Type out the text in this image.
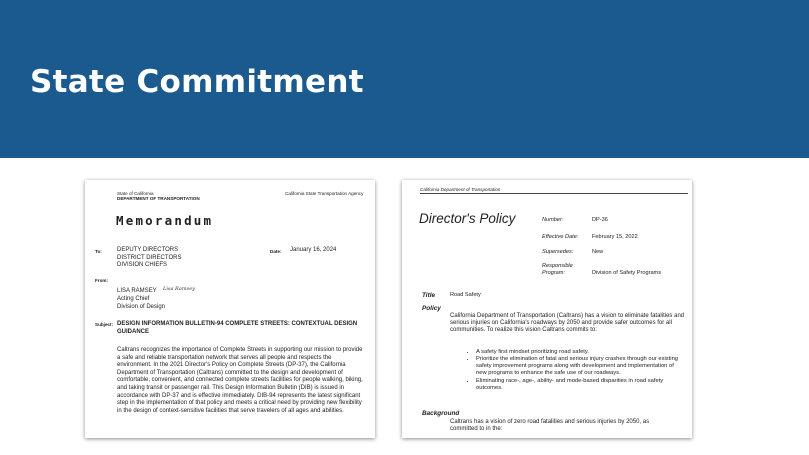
State Commitment
State of California
DEPARTMENT OF TRANSPORTATION
California State Transportation Agency
Memorandum
To:	DEPUTY DIRECTORS
DISTRICT DIRECTORS
DIVISION CHIEFS
Date: January 16, 2024
From:
LISA RAMSEY Lisa Ramsey
Acting Chief
Division of Design
Subject: DESIGN INFORMATION BULLETIN-94 COMPLETE STREETS: CONTEXTUAL DESIGN GUIDANCE
Caltrans recognizes the importance of Complete Streets in supporting our mission to provide a safe and reliable transportation network that serves all people and respects the environment. In the 2021 Director's Policy on Complete Streets (DP-37), the California Department of Transportation (Caltrans) committed to the design and development of comfortable, convenient, and connected complete streets facilities for people walking, biking, and taking transit or passenger rail. This Design Information Bulletin (DIB) is issued in accordance with DP-37 and is effective immediately. DIB-94 represents the latest significant step in the implementation of that policy and meets a critical need by providing new flexibility in the design of context-sensitive facilities that serve travelers of all ages and abilities.
California Department of Transportation
Director's Policy	Number:	DP-36
Effective Date: February 15, 2022
Supersedes:	New
Responsible Program:	Division of Safety Programs
Title	Road Safety
Policy
California Department of Transportation (Caltrans) has a vision to eliminate fatalities and serious injuries on California's roadways by 2050 and provide safer outcomes for all communities. To realize this vision Caltrans commits to:
• A safety first mindset prioritizing road safety.
• Prioritize the elimination of fatal and serious injury crashes through our existing safety improvement programs along with development and implementation of new programs to enhance the safe use of our roadways.
• Eliminating race-, age-, ability- and mode-based disparities in road safety outcomes.
Background
Caltrans has a vision of zero road fatalities and serious injuries by 2050, as committed to in the:
